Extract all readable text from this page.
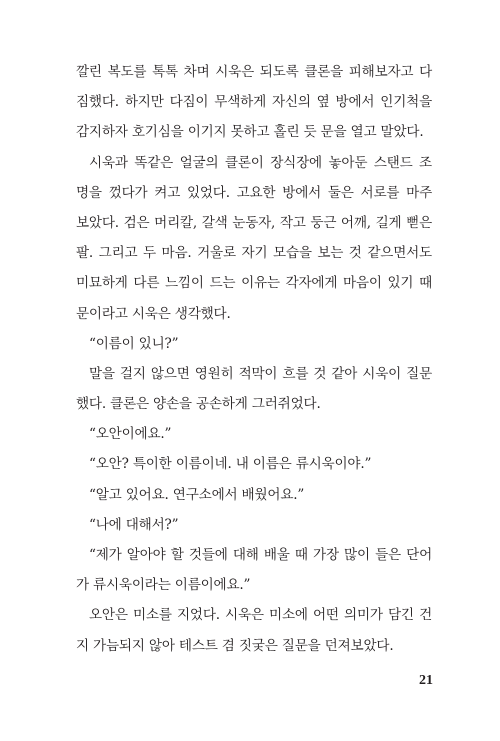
깔린 복도를 톡톡 차며 시욱은 되도록 클론을 피해보자고 다
짐했다. 하지만 다짐이 무색하게 자신의 옆 방에서 인기척을
감지하자 호기심을 이기지 못하고 홀린 듯 문을 열고 말았다.
시욱과 똑같은 얼굴의 클론이 장식장에 놓아둔 스탠드 조
명을 껐다가 켜고 있었다. 고요한 방에서 둘은 서로를 마주
보았다. 검은 머리칼, 갈색 눈동자, 작고 둥근 어깨, 길게 뻗은
팔. 그리고 두 마음. 거울로 자기 모습을 보는 것 같으면서도
미묘하게 다른 느낌이 드는 이유는 각자에게 마음이 있기 때
문이라고 시욱은 생각했다.
“이름이 있니?”
말을 걸지 않으면 영원히 적막이 흐를 것 같아 시욱이 질문
했다. 클론은 양손을 공손하게 그러쥐었다.
“오안이에요.”
“오안? 특이한 이름이네. 내 이름은 류시욱이야.”
“알고 있어요. 연구소에서 배웠어요.”
“나에 대해서?”
“제가 알아야 할 것들에 대해 배울 때 가장 많이 들은 단어
가 류시욱이라는 이름이에요.”
오안은 미소를 지었다. 시욱은 미소에 어떤 의미가 담긴 건
지 가늠되지 않아 테스트 겸 짓궂은 질문을 던져보았다.
21
